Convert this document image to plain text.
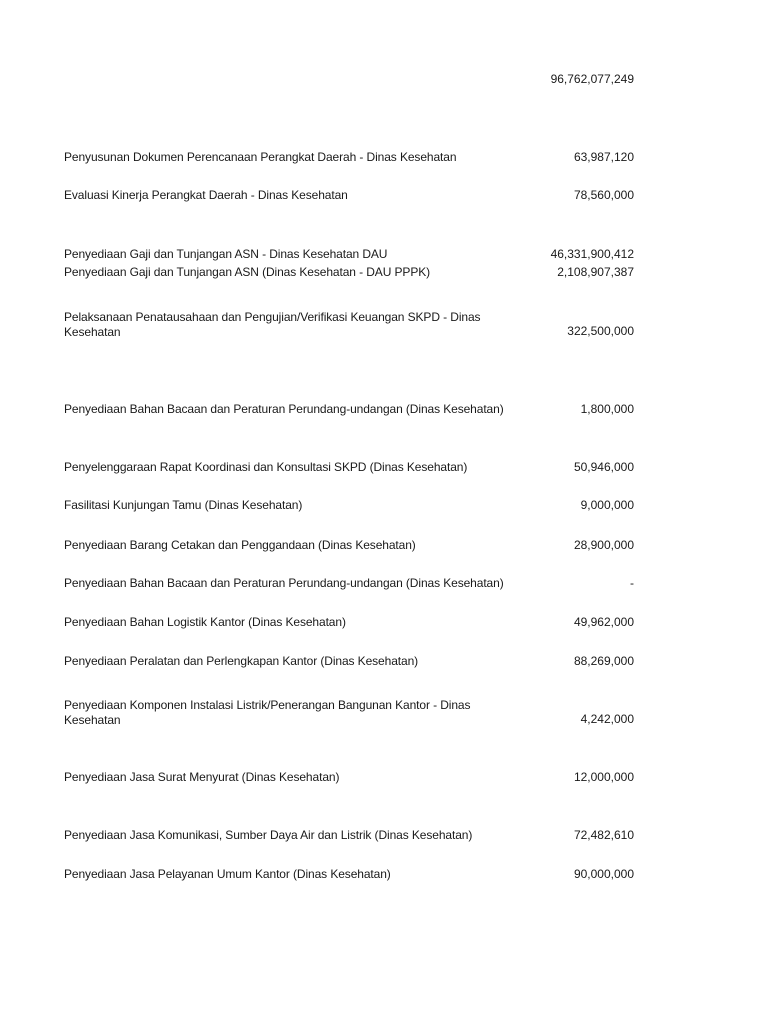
96,762,077,249
Penyusunan Dokumen Perencanaan Perangkat Daerah - Dinas Kesehatan	63,987,120
Evaluasi Kinerja Perangkat Daerah - Dinas Kesehatan	78,560,000
Penyediaan Gaji dan Tunjangan ASN - Dinas Kesehatan DAU	46,331,900,412
Penyediaan Gaji dan Tunjangan ASN (Dinas Kesehatan - DAU PPPK)	2,108,907,387
Pelaksanaan Penatausahaan dan Pengujian/Verifikasi Keuangan SKPD - Dinas Kesehatan	322,500,000
Penyediaan Bahan Bacaan dan Peraturan Perundang-undangan (Dinas Kesehatan)	1,800,000
Penyelenggaraan Rapat Koordinasi dan Konsultasi SKPD (Dinas Kesehatan)	50,946,000
Fasilitasi Kunjungan Tamu (Dinas Kesehatan)	9,000,000
Penyediaan Barang Cetakan dan Penggandaan (Dinas Kesehatan)	28,900,000
Penyediaan Bahan Bacaan dan Peraturan Perundang-undangan (Dinas Kesehatan)	-
Penyediaan Bahan Logistik Kantor (Dinas Kesehatan)	49,962,000
Penyediaan Peralatan dan Perlengkapan Kantor (Dinas Kesehatan)	88,269,000
Penyediaan Komponen Instalasi Listrik/Penerangan Bangunan Kantor - Dinas Kesehatan	4,242,000
Penyediaan Jasa Surat Menyurat (Dinas Kesehatan)	12,000,000
Penyediaan Jasa Komunikasi, Sumber Daya Air dan Listrik (Dinas Kesehatan)	72,482,610
Penyediaan Jasa Pelayanan Umum Kantor (Dinas Kesehatan)	90,000,000
